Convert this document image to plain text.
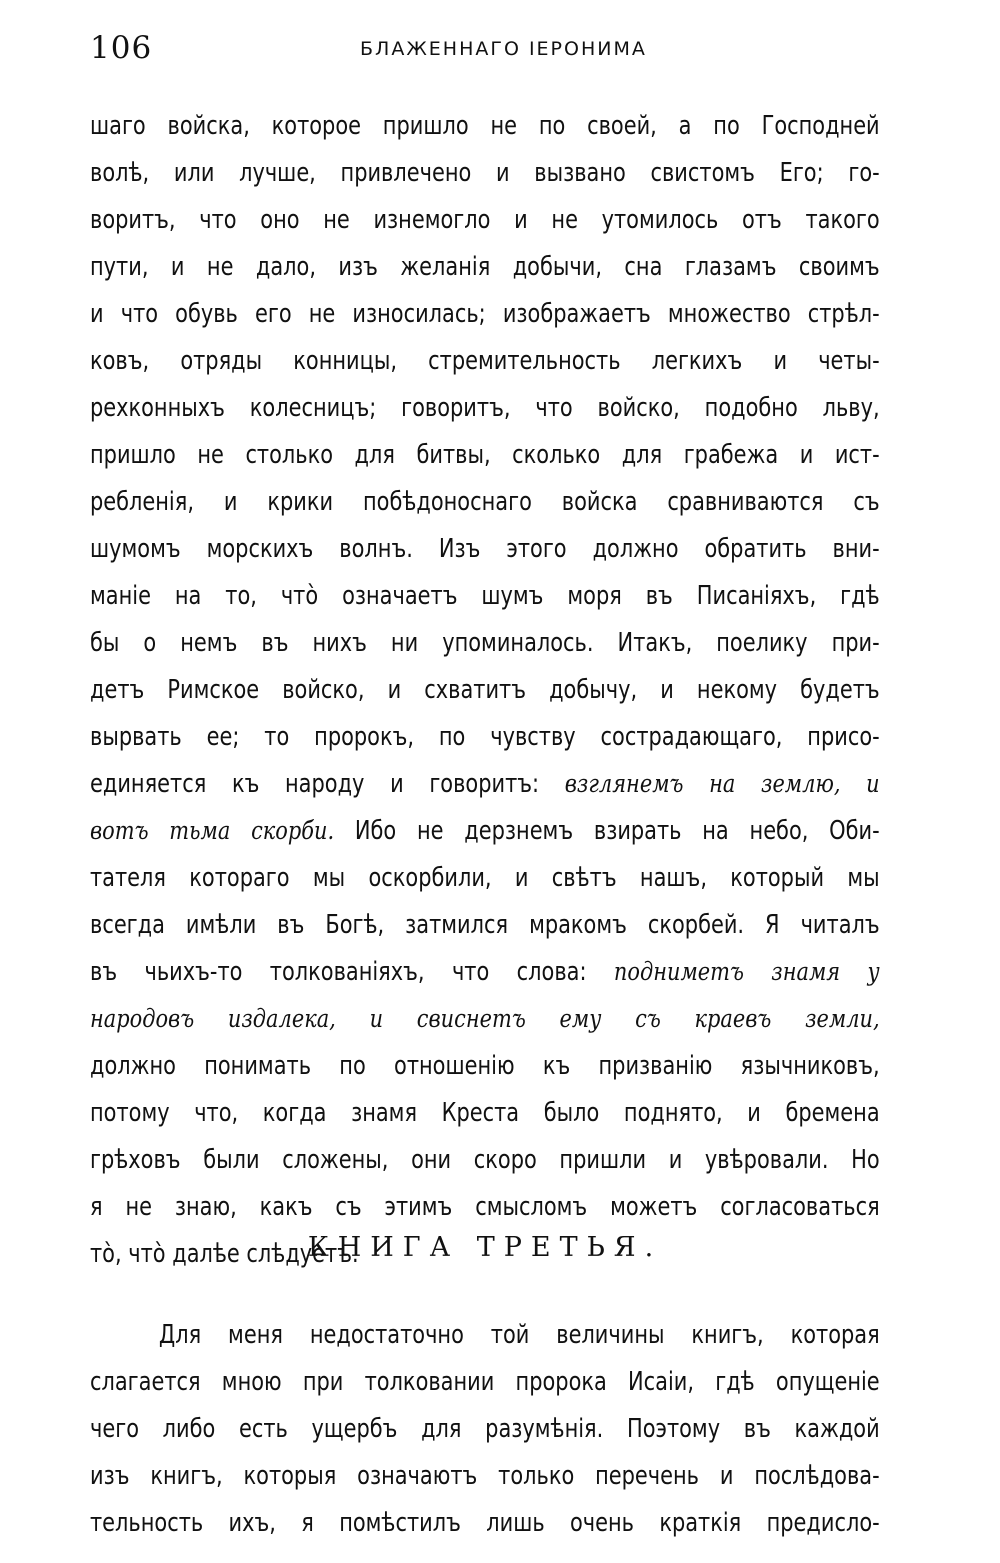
106	БЛАЖЕННАГО ІЕРОНИМА
шаго войска, которое пришло не по своей, а по Господней
волѣ, или лучше, привлечено и вызвано свистомъ Его; го-
воритъ, что оно не изнемогло и не утомилось отъ такого
пути, и не дало, изъ желанія добычи, сна глазамъ своимъ
и что обувь его не износилась; изображаетъ множество стрѣл-
ковъ, отряды конницы, стремительность легкихъ и четы-
рехконныхъ колесницъ; говоритъ, что войско, подобно льву,
пришло не столько для битвы, сколько для грабежа и ист-
ребленія, и крики побѣдоноснаго войска сравниваются съ
шумомъ морскихъ волнъ. Изъ этого должно обратить вни-
маніе на то, что̀ означаетъ шумъ моря въ Писаніяхъ, гдѣ
бы о немъ въ нихъ ни упоминалось. Итакъ, поелику при-
детъ Римское войско, и схватитъ добычу, и некому будетъ
вырвать ее; то пророкъ, по чувству сострадающаго, присо-
единяется къ народу и говоритъ: взглянемъ на землю, и
вотъ тьма скорби. Ибо не дерзнемъ взирать на небо, Оби-
тателя котораго мы оскорбили, и свѣтъ нашъ, который мы
всегда имѣли въ Богѣ, затмился мракомъ скорбей. Я читалъ
въ чьихъ-то толкованіяхъ, что слова: подниметъ знамя у
народовъ издалека, и свиснетъ ему съ краевъ земли,
должно понимать по отношенію къ призванію язычниковъ,
потому что, когда знамя Креста было поднято, и бремена
грѣховъ были сложены, они скоро пришли и увѣровали. Но
я не знаю, какъ съ этимъ смысломъ можетъ согласоваться
то̀, что̀ далѣе слѣдуетъ.
КНИГА ТРЕТЬЯ.
Для меня недостаточно той величины книгъ, которая
слагается мною при толковании пророка Исаіи, гдѣ опущеніе
чего либо есть ущербъ для разумѣнія. Поэтому въ каждой
изъ книгъ, которыя означаютъ только перечень и послѣдова-
тельность ихъ, я помѣстилъ лишь очень краткія предисло-
